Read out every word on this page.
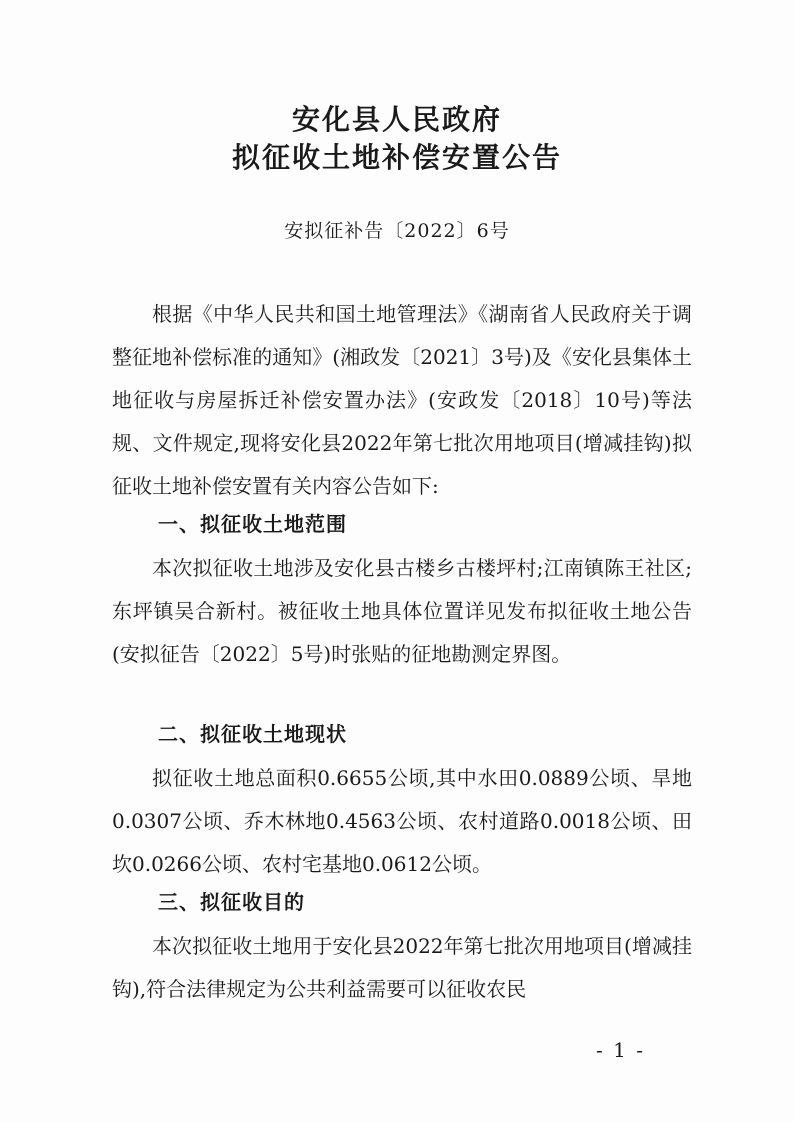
安化县人民政府
拟征收土地补偿安置公告
安拟征补告〔2022〕6号
根据《中华人民共和国土地管理法》《湖南省人民政府关于调整征地补偿标准的通知》(湘政发〔2021〕3号)及《安化县集体土地征收与房屋拆迁补偿安置办法》(安政发〔2018〕10号)等法规、文件规定,现将安化县2022年第七批次用地项目(增减挂钩)拟征收土地补偿安置有关内容公告如下:
一、拟征收土地范围
本次拟征收土地涉及安化县古楼乡古楼坪村;江南镇陈王社区;东坪镇吴合新村。被征收土地具体位置详见发布拟征收土地公告(安拟征告〔2022〕5号)时张贴的征地勘测定界图。
二、拟征收土地现状
拟征收土地总面积0.6655公顷,其中水田0.0889公顷、旱地0.0307公顷、乔木林地0.4563公顷、农村道路0.0018公顷、田坎0.0266公顷、农村宅基地0.0612公顷。
三、拟征收目的
本次拟征收土地用于安化县2022年第七批次用地项目(增减挂钩),符合法律规定为公共利益需要可以征收农民
- 1 -
